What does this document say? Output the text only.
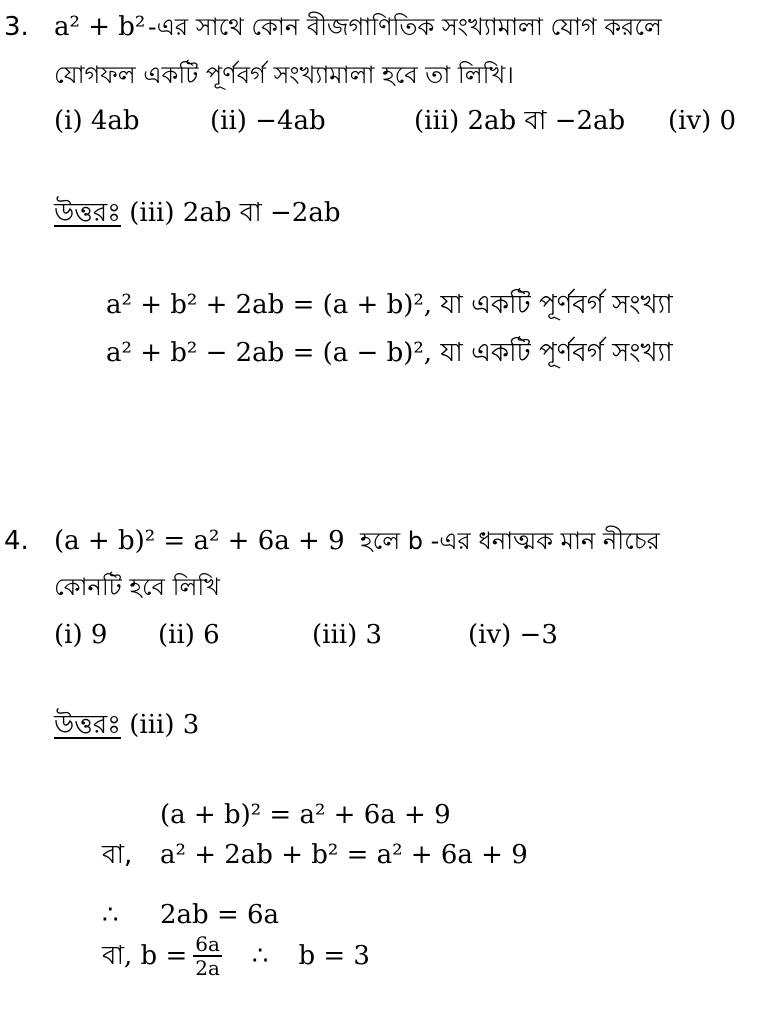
3. a² + b² -এর সাথে কোন বীজগাণিতিক সংখ্যামালা যোগ করলে
যোগফল একটি পূর্ণবর্গ সংখ্যামালা হবে তা লিখি।
(i) 4ab	(ii) −4ab	(iii) 2ab বা −2ab (iv) 0
উত্তরঃ (iii) 2ab বা −2ab
a² + b² + 2ab = (a + b)², যা একটি পূর্ণবর্গ সংখ্যা
a² + b² − 2ab = (a − b)², যা একটি পূর্ণবর্গ সংখ্যা
4. (a + b)² = a² + 6a + 9 হলে b -এর ধনাত্মক মান নীচের
কোনটি হবে লিখি
(i) 9 (ii) 6	(iii) 3	(iv) −3
উত্তরঃ (iii) 3
(a + b)² = a² + 6a + 9
বা, a² + 2ab + b² = a² + 6a + 9
∴ 2ab = 6a
বা, $b = \frac{6a}{2a}$ ∴ b = 3
